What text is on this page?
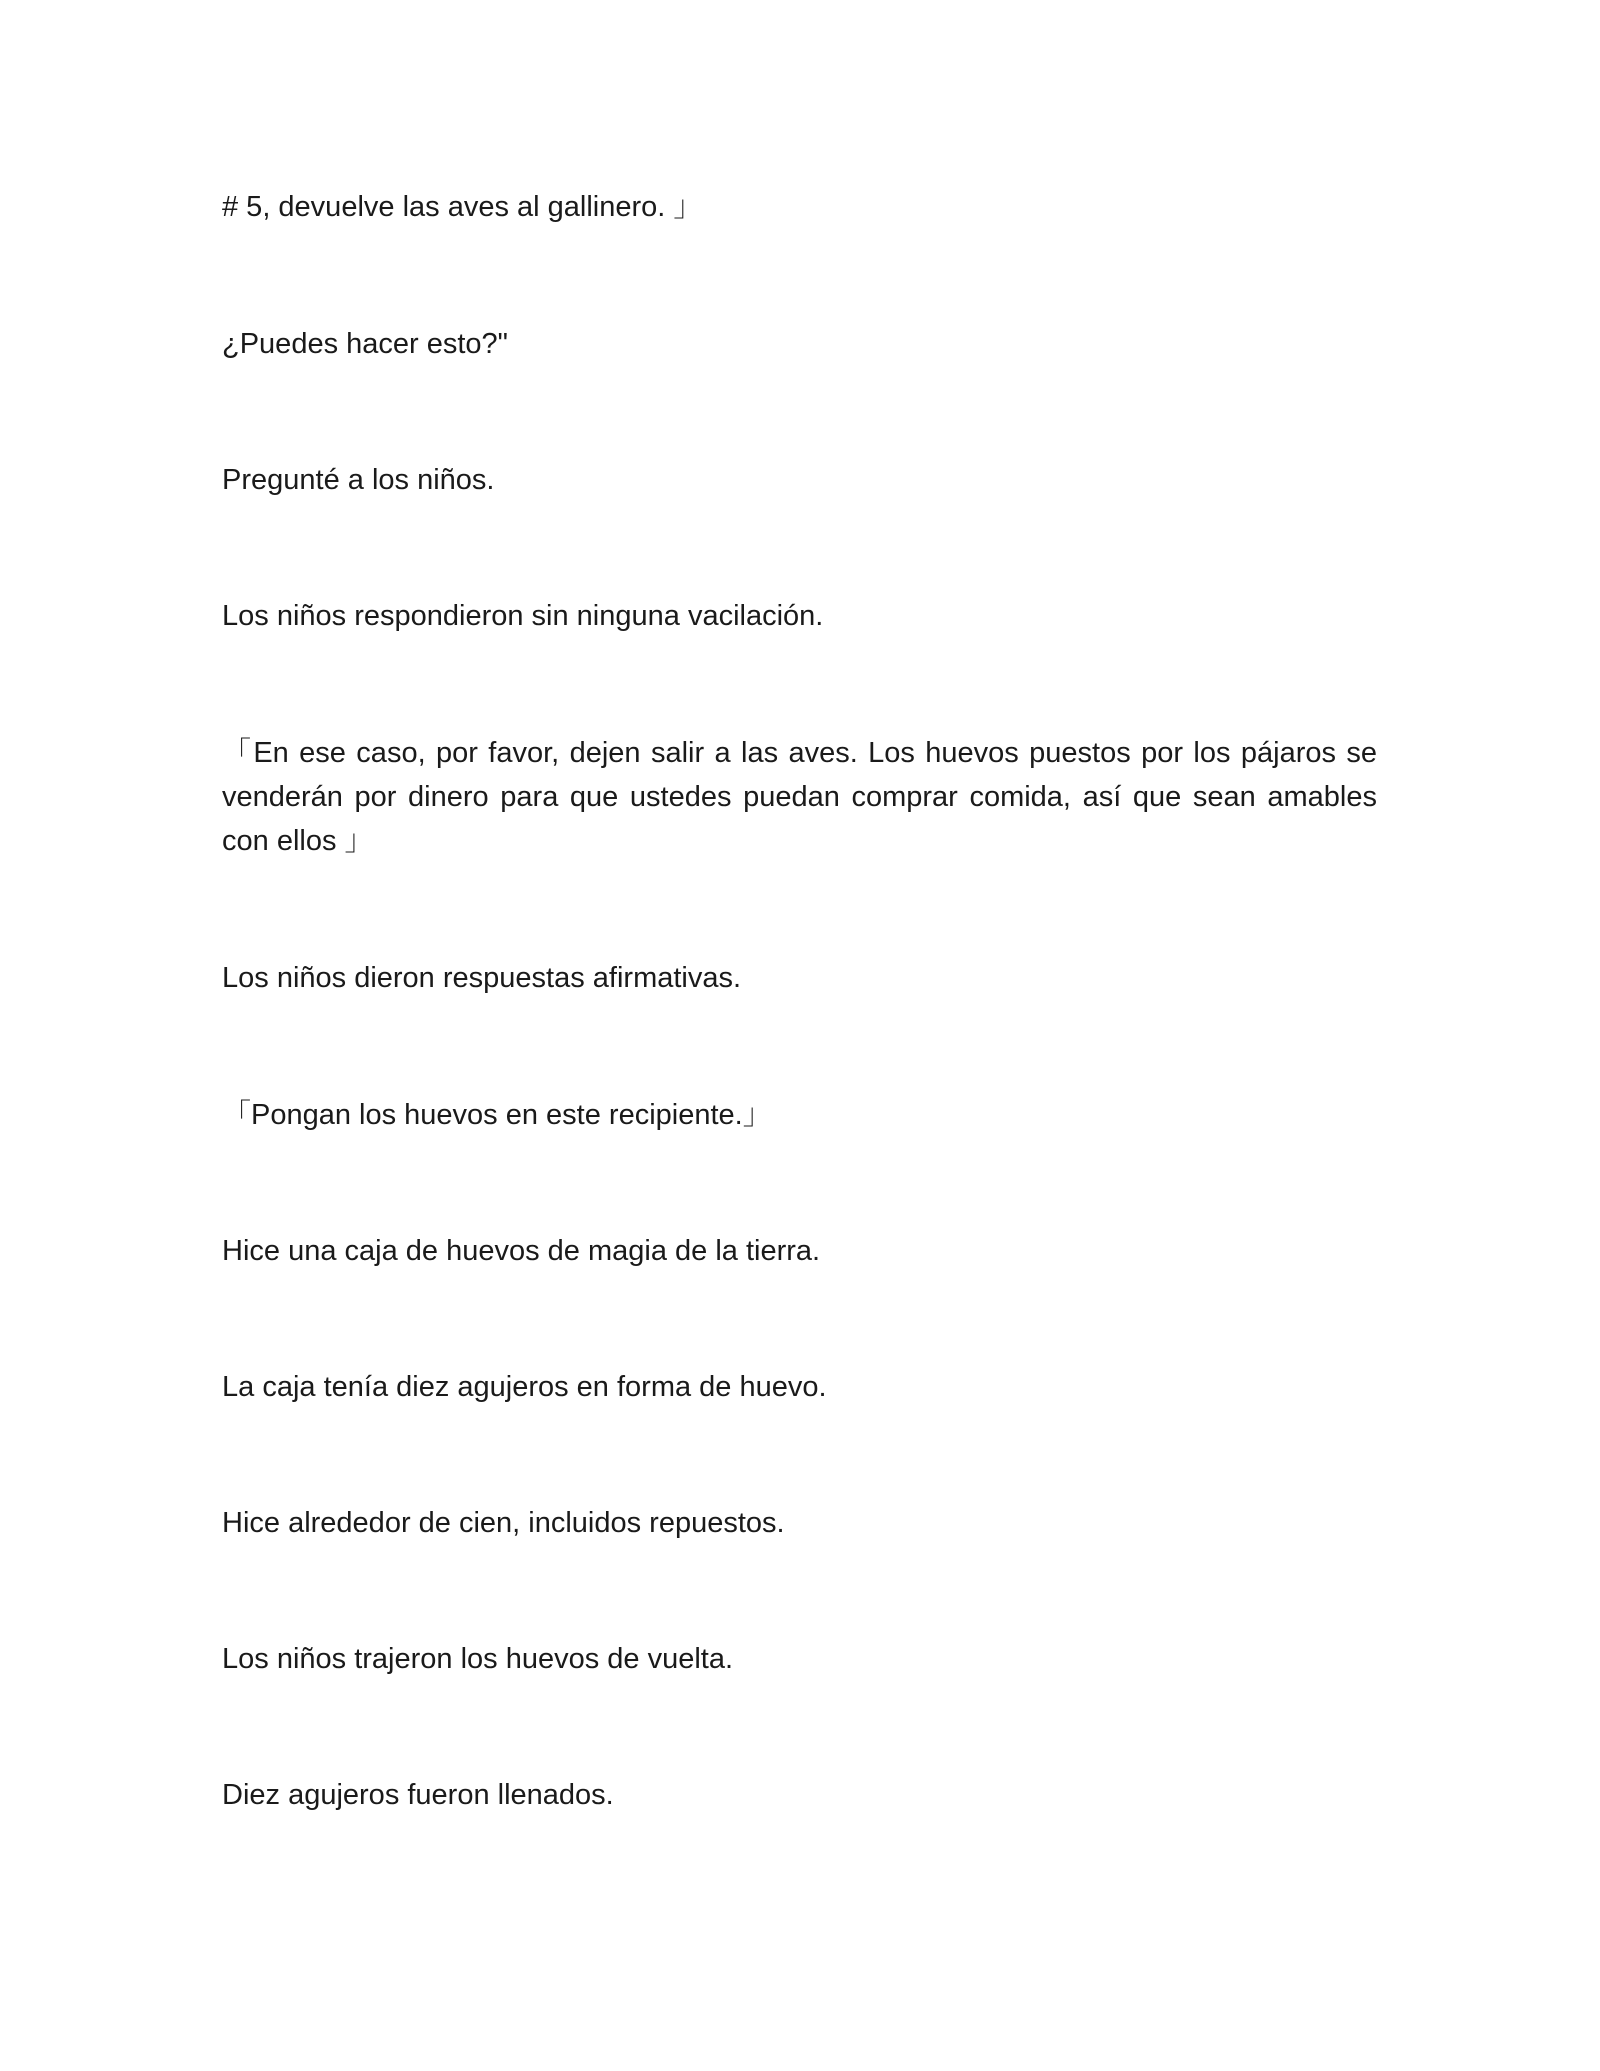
# 5, devuelve las aves al gallinero. 」

¿Puedes hacer esto?"

Pregunté a los niños.

Los niños respondieron sin ninguna vacilación.

「En ese caso, por favor, dejen salir a las aves. Los huevos puestos por los pájaros se venderán por dinero para que ustedes puedan comprar comida, así que sean amables con ellos 」

Los niños dieron respuestas afirmativas.

「Pongan los huevos en este recipiente.」

Hice una caja de huevos de magia de la tierra.

La caja tenía diez agujeros en forma de huevo.

Hice alrededor de cien, incluidos repuestos.

Los niños trajeron los huevos de vuelta.

Diez agujeros fueron llenados.
